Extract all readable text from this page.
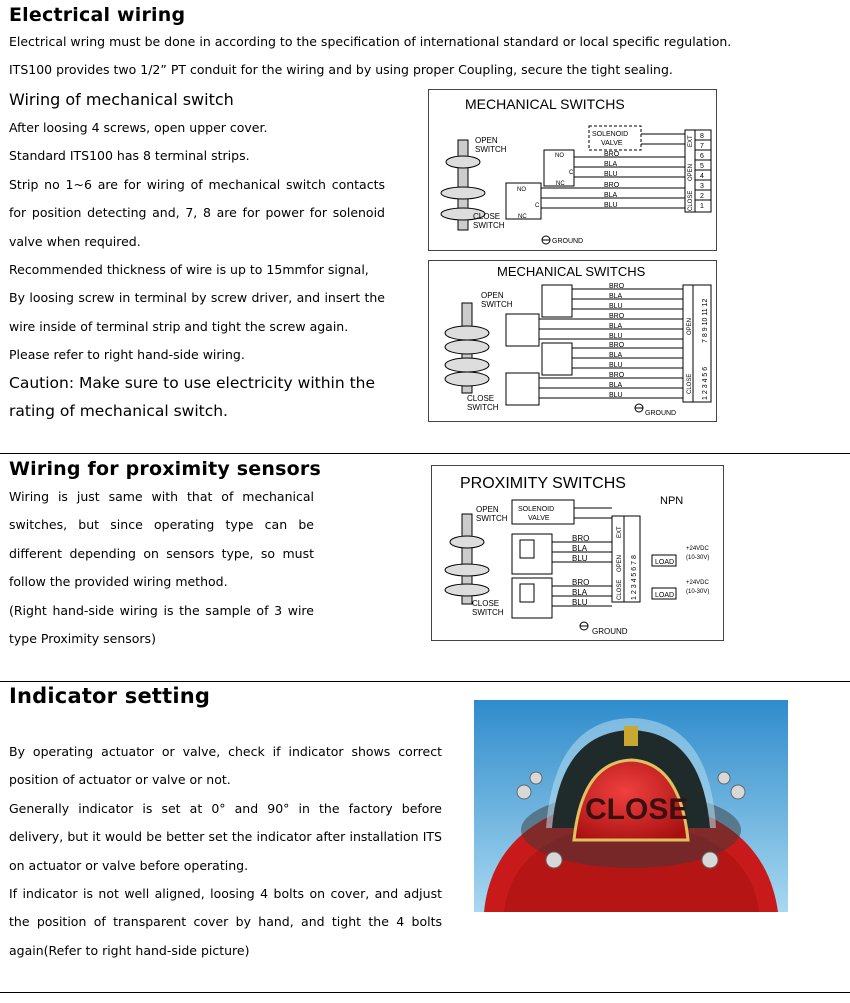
Electrical wiring
Electrical wring must be done in according to the specification of international standard or local specific regulation.
ITS100 provides two 1/2” PT conduit for the wiring and by using proper Coupling, secure the tight sealing.
Wiring of mechanical switch
After loosing 4 screws, open upper cover.
Standard ITS100 has 8 terminal strips.
Strip no 1~6 are for wiring of mechanical switch contacts for position detecting and, 7, 8 are for power for solenoid valve when required.
Recommended thickness of wire is up to 15mmfor signal,
By loosing screw in terminal by screw driver, and insert the wire inside of terminal strip and tight the screw again.
Please refer to right hand-side wiring.
Caution: Make sure to use electricity within the rating of mechanical switch.
MECHANICAL SWITCHS
OPEN
SWITCH
CLOSE
SWITCH
NO
NC
C
NO
NC
C
SOLENOID
VALVE
BRO
BLA
BLU
BRO
BLA
BLU
8
7
6
5
4
3
2
1
CLOSE
OPEN
EXT
GROUND
MECHANICAL SWITCHS
OPEN
SWITCH
CLOSE
SWITCH
BRO
BLA
BLU
BRO
BLA
BLU
BRO
BLA
BLU
BRO
BLA
BLU	1 2 3 4 5 6
7 8 9 10 11 12
CLOSE
OPEN
GROUND
Wiring for proximity sensors
Wiring is just same with that of mechanical switches, but since operating type can be different depending on sensors type, so must follow the provided wiring method.
(Right hand-side wiring is the sample of 3 wire type Proximity sensors)
PROXIMITY SWITCHS
NPN
OPEN
SWITCH
CLOSE
SWITCH
SOLENOID
VALVE
BRO
BLA
BLU
BRO
BLA
BLU	1 2 3 4 5 6 7 8
CLOSE
OPEN
EXT
LOAD
LOAD
+24VDC
(10-30V)
+24VDC
(10-30V)
GROUND
Indicator setting
By operating actuator or valve, check if indicator shows correct position of actuator or valve or not.
Generally indicator is set at 0° and 90° in the factory before delivery, but it would be better set the indicator after installation ITS on actuator or valve before operating.
If indicator is not well aligned, loosing 4 bolts on cover, and adjust the position of transparent cover by hand, and tight the 4 bolts again(Refer to right hand-side picture)
CLOSE
